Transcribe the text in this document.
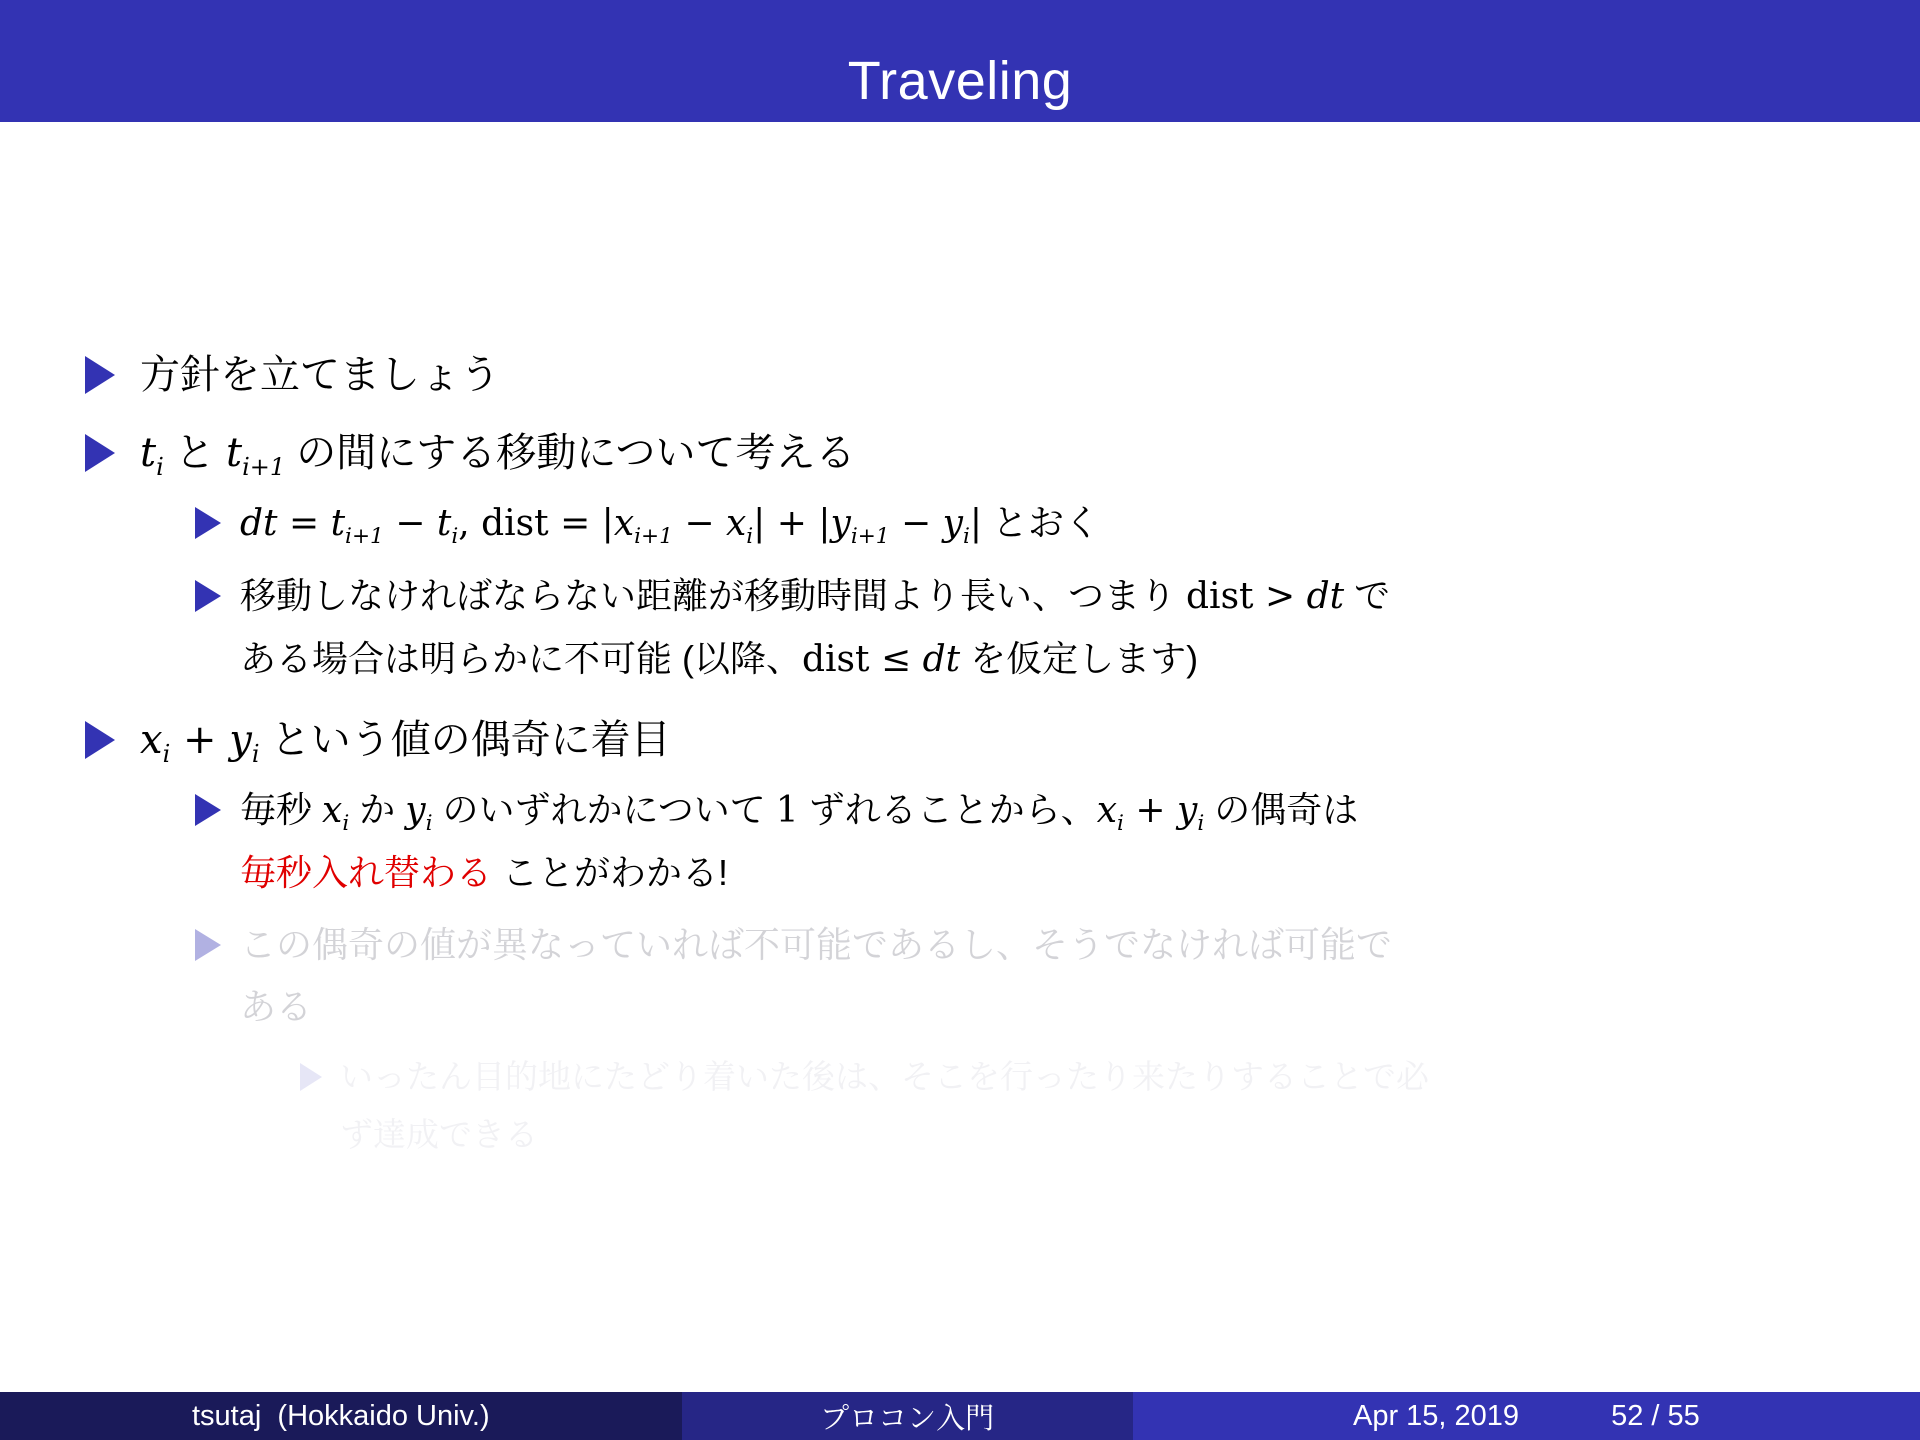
Traveling
方針を立てましょう
$t_i$ と $t_{i+1}$ の間にする移動について考える
dt = $t_{i+1} - t_i$, dist = $|x_{i+1} - x_i| + |y_{i+1} - y_i|$ とおく
移動しなければならない距離が移動時間より長い、つまり dist > dt で
ある場合は明らかに不可能 (以降、dist ≤ dt を仮定します)
$x_i + y_i$ という値の偶奇に着目
毎秒 $x_i$ か $y_i$ のいずれかについて 1 ずれることから、$x_i + y_i$ の偶奇は
毎秒入れ替わる ことがわかる!
この偶奇の値が異なっていれば不可能であるし、そうでなければ可能で
ある
いったん目的地にたどり着いた後は、そこを行ったり来たりすることで必
ず達成できる
tsutaj  (Hokkaido Univ.)	プロコン入門	Apr 15, 2019	52 / 55
